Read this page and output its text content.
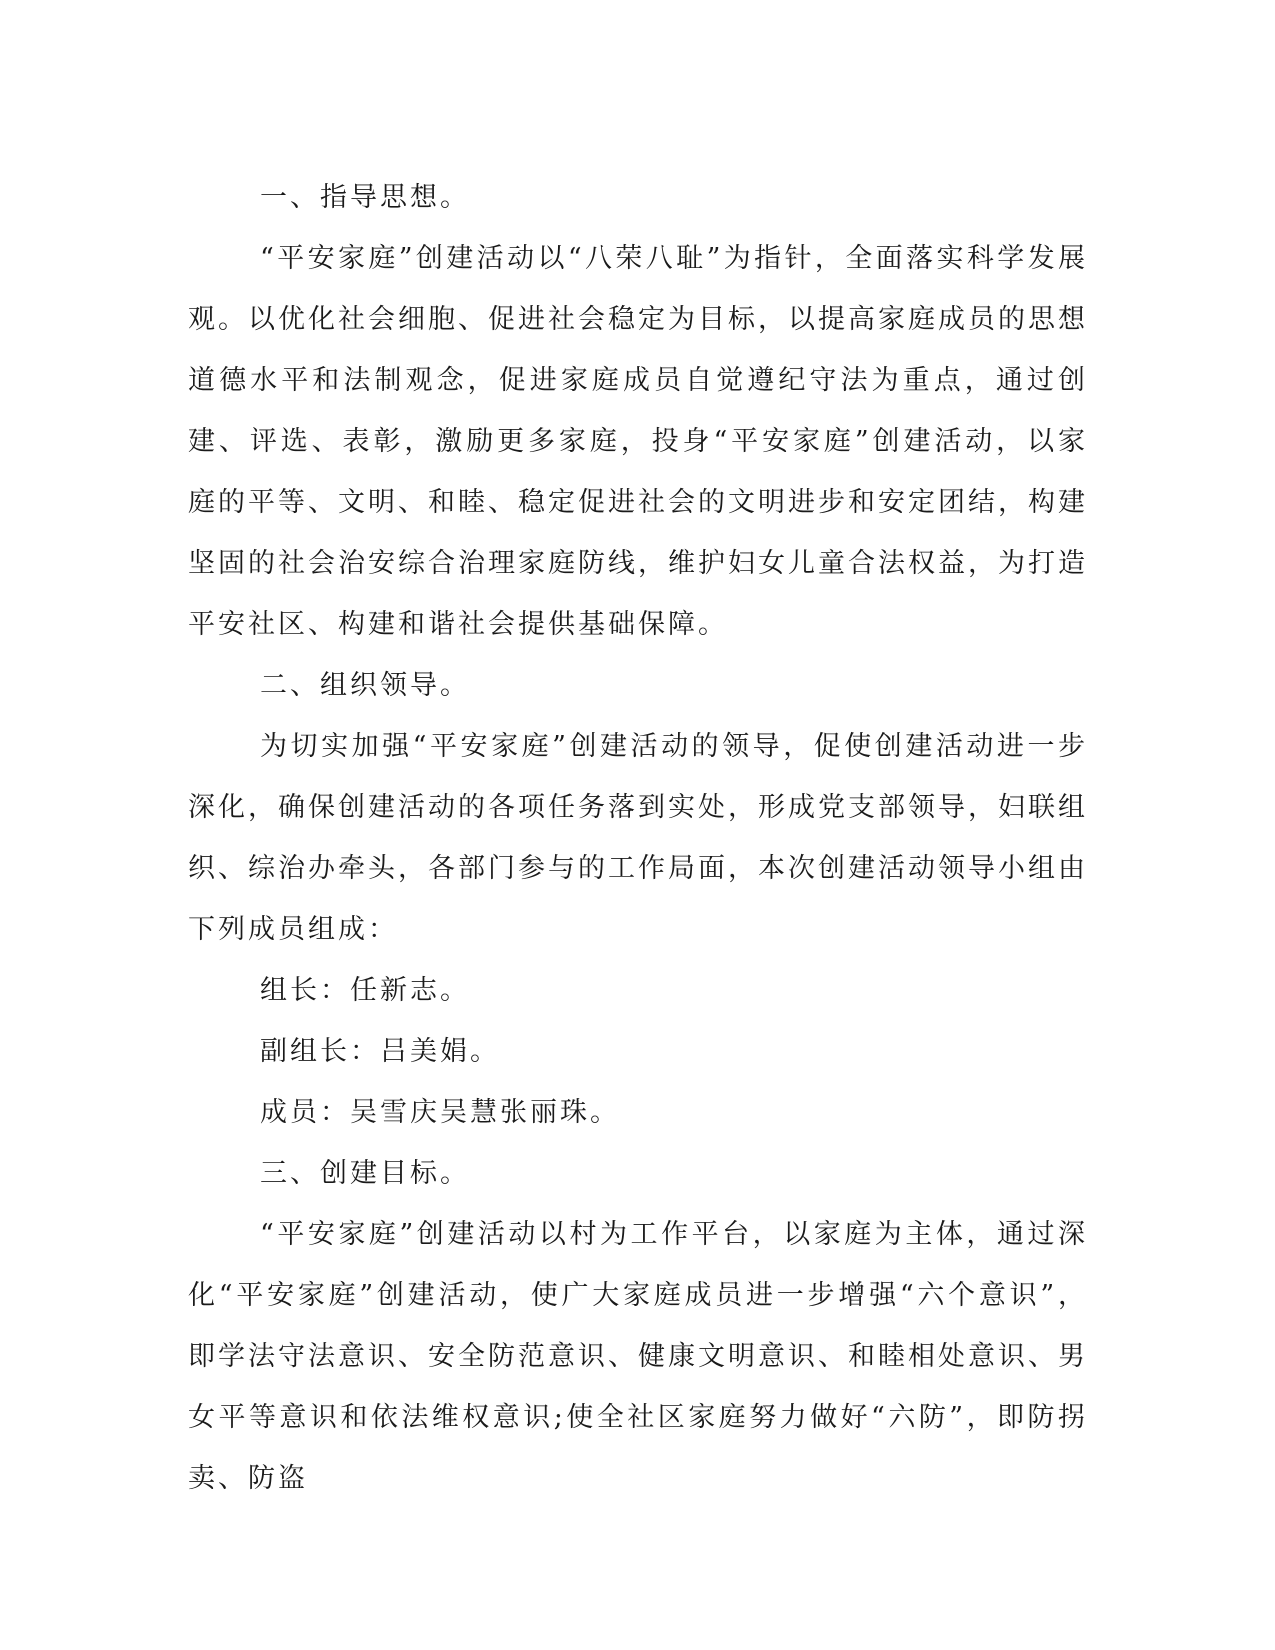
一、指导思想。

“平安家庭”创建活动以“八荣八耻”为指针，全面落实科学发展观。以优化社会细胞、促进社会稳定为目标，以提高家庭成员的思想道德水平和法制观念，促进家庭成员自觉遵纪守法为重点，通过创建、评选、表彰，激励更多家庭，投身“平安家庭”创建活动，以家庭的平等、文明、和睦、稳定促进社会的文明进步和安定团结，构建坚固的社会治安综合治理家庭防线，维护妇女儿童合法权益，为打造平安社区、构建和谐社会提供基础保障。

二、组织领导。

为切实加强“平安家庭”创建活动的领导，促使创建活动进一步深化，确保创建活动的各项任务落到实处，形成党支部领导，妇联组织、综治办牵头，各部门参与的工作局面，本次创建活动领导小组由下列成员组成：

组长：任新志。

副组长：吕美娟。

成员：吴雪庆吴慧张丽珠。

三、创建目标。

“平安家庭”创建活动以村为工作平台，以家庭为主体，通过深化“平安家庭”创建活动，使广大家庭成员进一步增强“六个意识”，即学法守法意识、安全防范意识、健康文明意识、和睦相处意识、男女平等意识和依法维权意识;使全社区家庭努力做好“六防”，即防拐卖、防盗
